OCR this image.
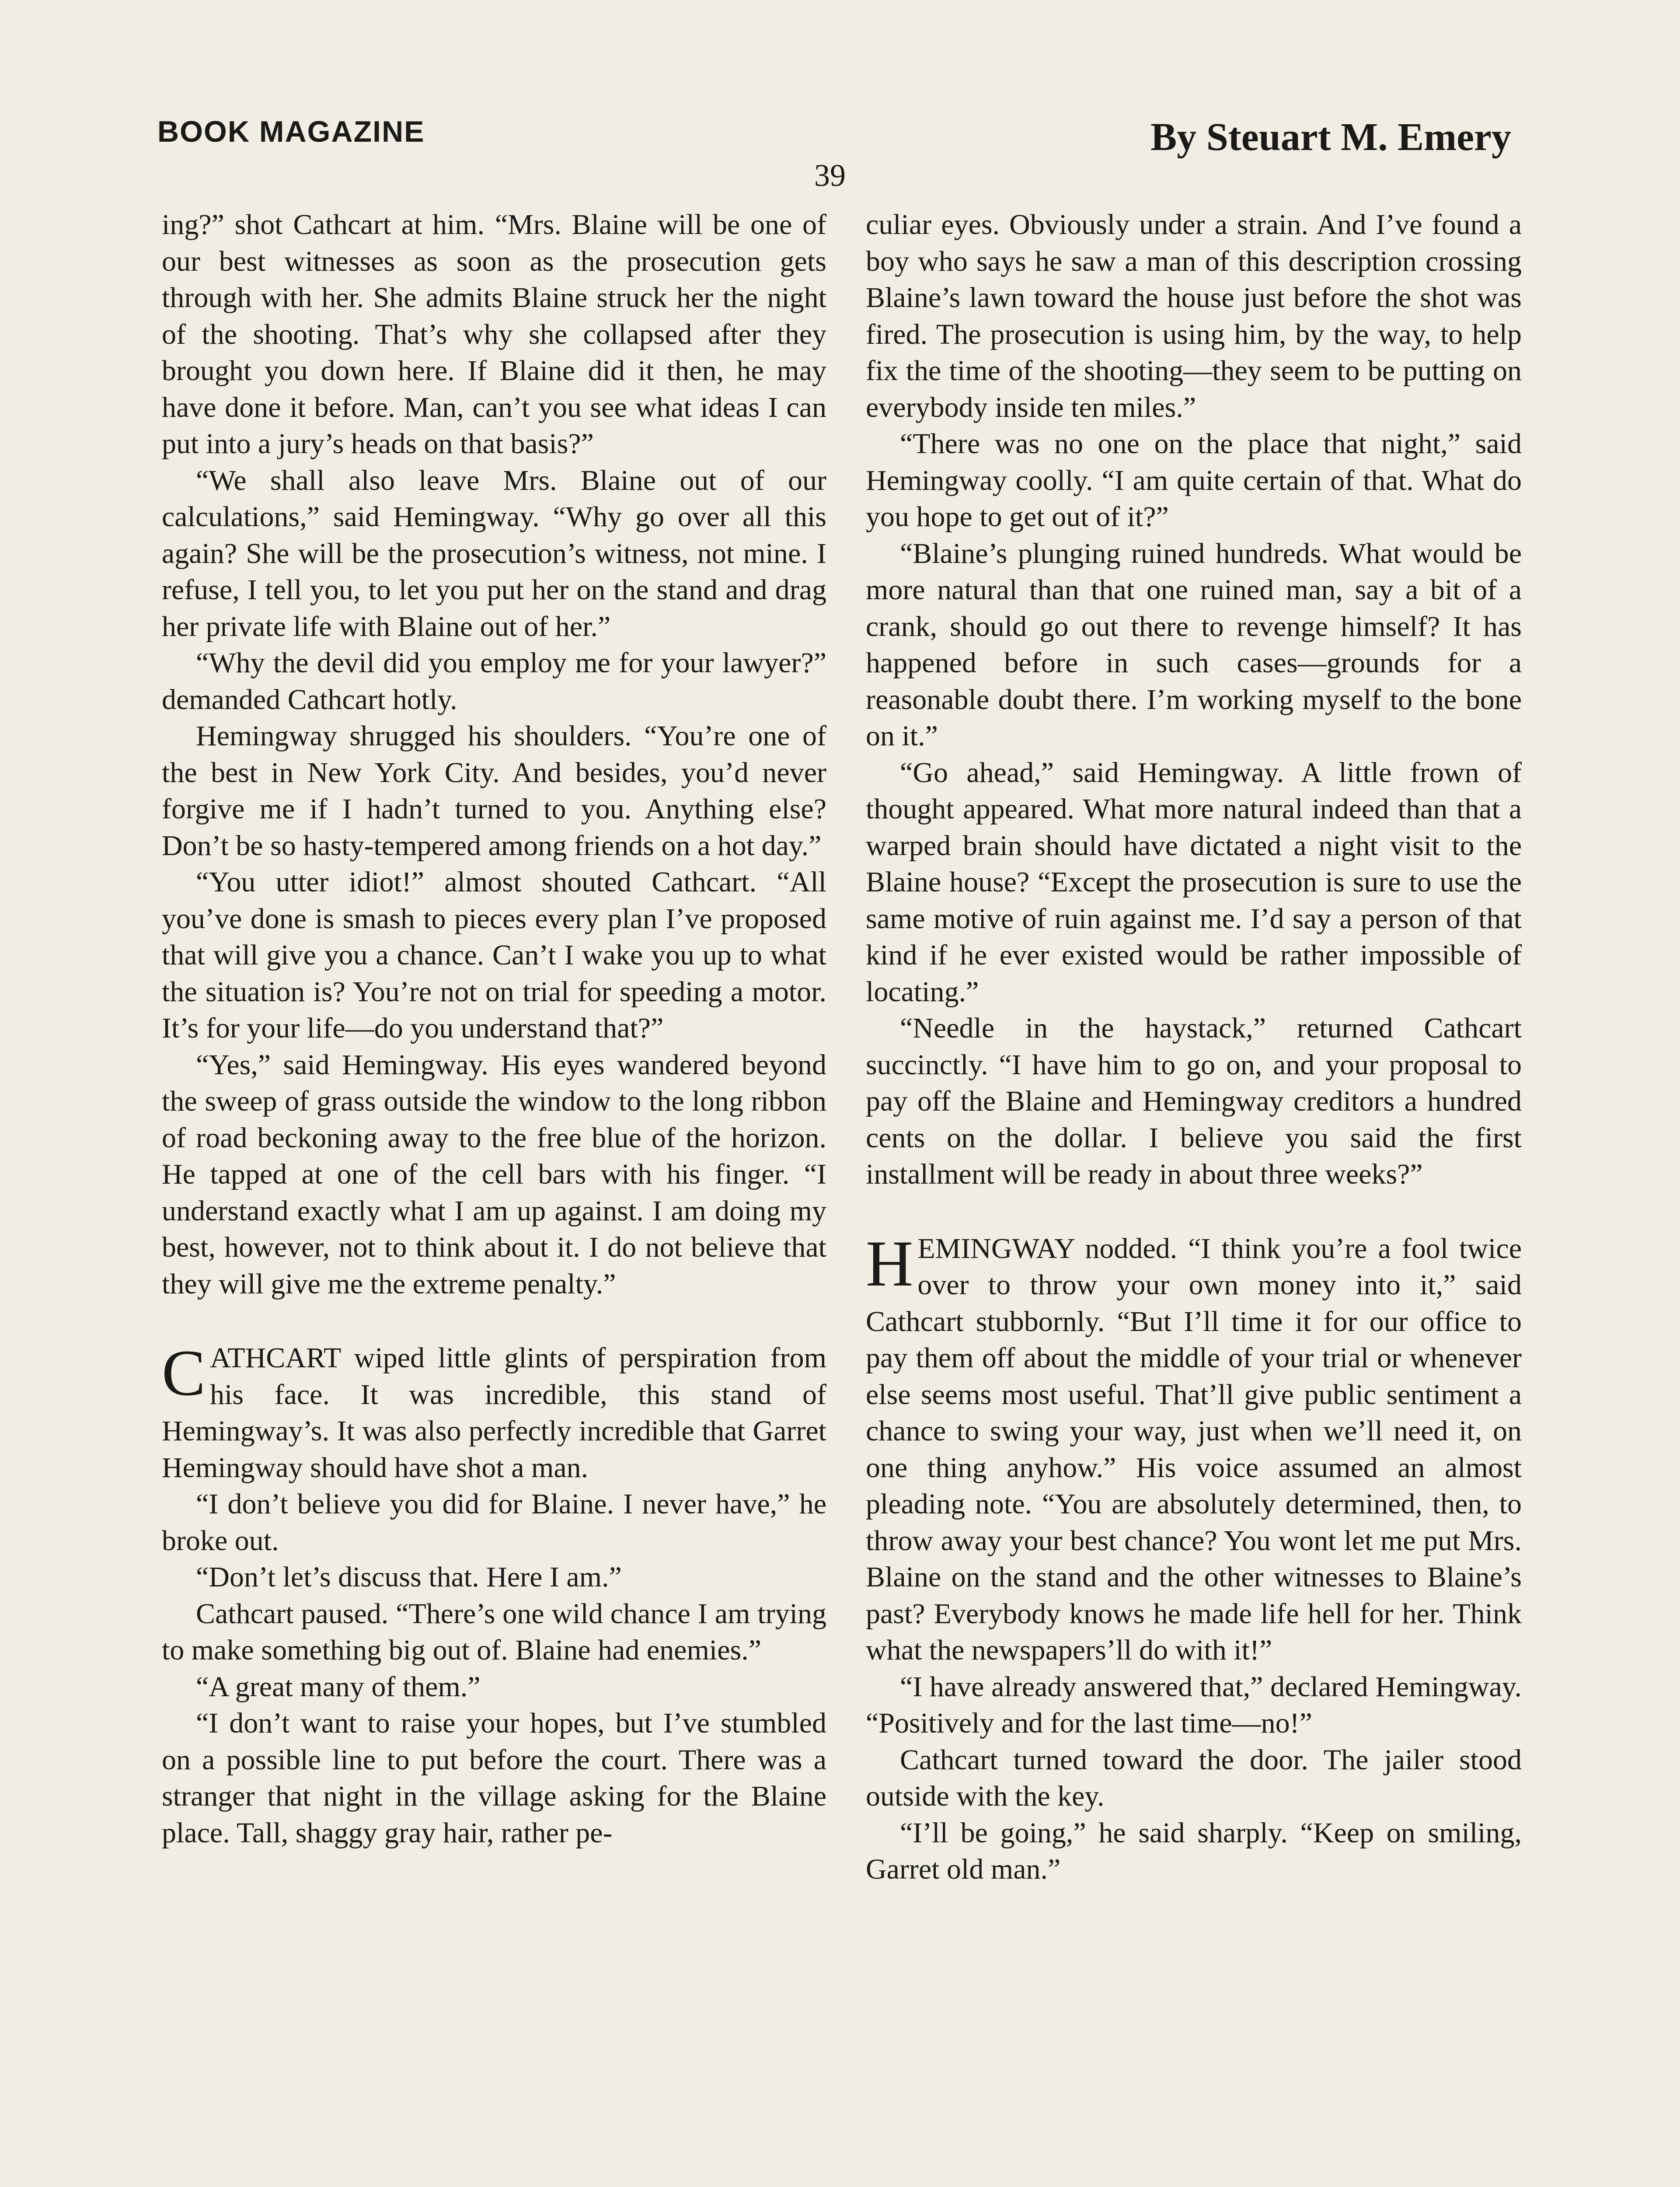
BOOK MAGAZINE	By Steuart M. Emery
39

ing?” shot Cathcart at him. “Mrs. Blaine will be one of our best witnesses as soon as the prosecution gets through with her. She admits Blaine struck her the night of the shooting. That’s why she collapsed after they brought you down here. If Blaine did it then, he may have done it before. Man, can’t you see what ideas I can put into a jury’s heads on that basis?”

“We shall also leave Mrs. Blaine out of our calculations,” said Hemingway. “Why go over all this again? She will be the prosecution’s witness, not mine. I refuse, I tell you, to let you put her on the stand and drag her private life with Blaine out of her.”

“Why the devil did you employ me for your lawyer?” demanded Cathcart hotly.

Hemingway shrugged his shoulders. “You’re one of the best in New York City. And besides, you’d never forgive me if I hadn’t turned to you. Anything else? Don’t be so hasty-tempered among friends on a hot day.”

“You utter idiot!” almost shouted Cathcart. “All you’ve done is smash to pieces every plan I’ve proposed that will give you a chance. Can’t I wake you up to what the situation is? You’re not on trial for speeding a motor. It’s for your life—do you understand that?”

“Yes,” said Hemingway. His eyes wandered beyond the sweep of grass outside the window to the long ribbon of road beckoning away to the free blue of the horizon. He tapped at one of the cell bars with his finger. “I understand exactly what I am up against. I am doing my best, however, not to think about it. I do not believe that they will give me the extreme penalty.”

CATHCART wiped little glints of perspiration from his face. It was incredible, this stand of Hemingway’s. It was also perfectly incredible that Garret Hemingway should have shot a man.

“I don’t believe you did for Blaine. I never have,” he broke out.

“Don’t let’s discuss that. Here I am.”

Cathcart paused. “There’s one wild chance I am trying to make something big out of. Blaine had enemies.”

“A great many of them.”

“I don’t want to raise your hopes, but I’ve stumbled on a possible line to put before the court. There was a stranger that night in the village asking for the Blaine place. Tall, shaggy gray hair, rather pe-

culiar eyes. Obviously under a strain. And I’ve found a boy who says he saw a man of this description crossing Blaine’s lawn toward the house just before the shot was fired. The prosecution is using him, by the way, to help fix the time of the shooting—they seem to be putting on everybody inside ten miles.”

“There was no one on the place that night,” said Hemingway coolly. “I am quite certain of that. What do you hope to get out of it?”

“Blaine’s plunging ruined hundreds. What would be more natural than that one ruined man, say a bit of a crank, should go out there to revenge himself? It has happened before in such cases—grounds for a reasonable doubt there. I’m working myself to the bone on it.”

“Go ahead,” said Hemingway. A little frown of thought appeared. What more natural indeed than that a warped brain should have dictated a night visit to the Blaine house? “Except the prosecution is sure to use the same motive of ruin against me. I’d say a person of that kind if he ever existed would be rather impossible of locating.”

“Needle in the haystack,” returned Cathcart succinctly. “I have him to go on, and your proposal to pay off the Blaine and Hemingway creditors a hundred cents on the dollar. I believe you said the first installment will be ready in about three weeks?”

HEMINGWAY nodded. “I think you’re a fool twice over to throw your own money into it,” said Cathcart stubbornly. “But I’ll time it for our office to pay them off about the middle of your trial or whenever else seems most useful. That’ll give public sentiment a chance to swing your way, just when we’ll need it, on one thing anyhow.” His voice assumed an almost pleading note. “You are absolutely determined, then, to throw away your best chance? You wont let me put Mrs. Blaine on the stand and the other witnesses to Blaine’s past? Everybody knows he made life hell for her. Think what the newspapers’ll do with it!”

“I have already answered that,” declared Hemingway. “Positively and for the last time—no!”

Cathcart turned toward the door. The jailer stood outside with the key.

“I’ll be going,” he said sharply. “Keep on smiling, Garret old man.”
